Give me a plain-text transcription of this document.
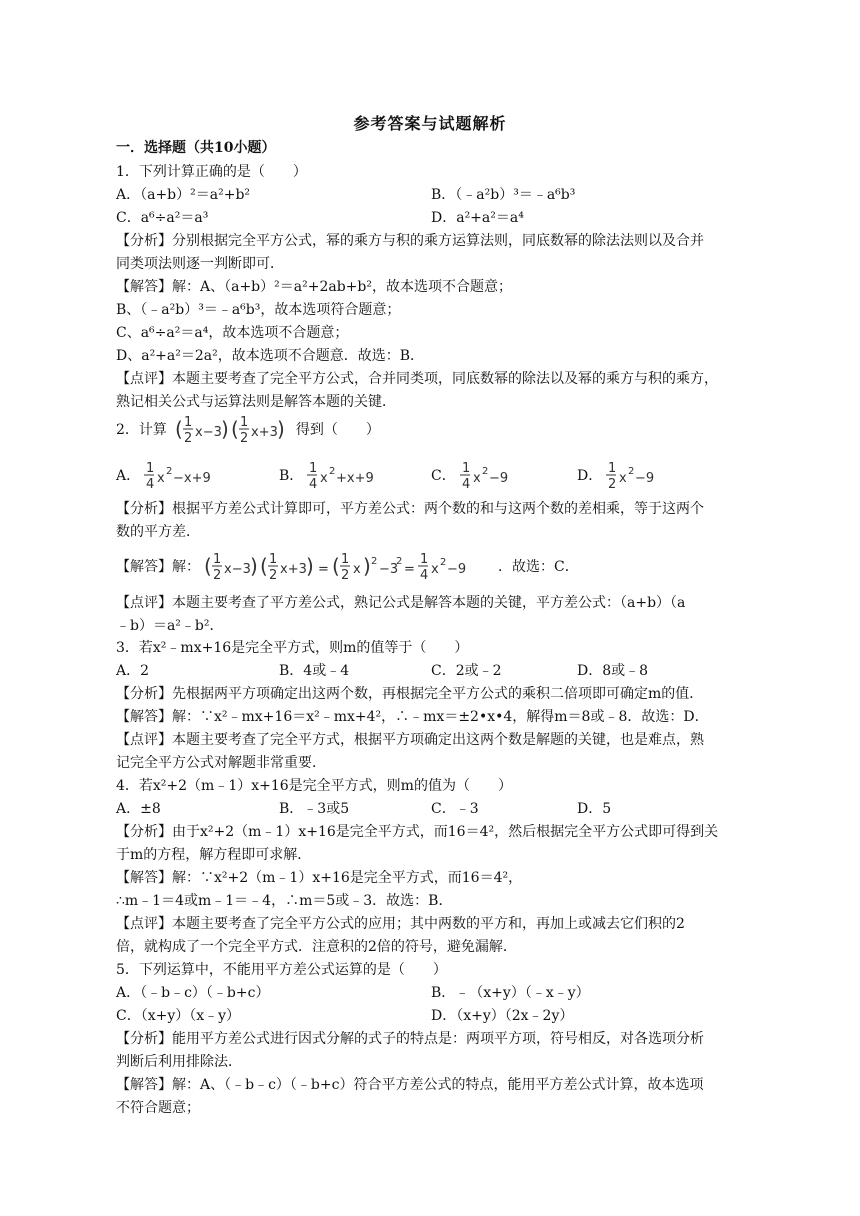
参考答案与试题解析
一．选择题（共10小题）
1．下列计算正确的是（　　）
A．（a+b）²＝a²+b²	B．（﹣a²b）³＝﹣a⁶b³
C．a⁶÷a²＝a³	D．a²+a²＝a⁴
【分析】分别根据完全平方公式，幂的乘方与积的乘方运算法则，同底数幂的除法法则以及合并
同类项法则逐一判断即可．
【解答】解：A、（a+b）²＝a²+2ab+b²，故本选项不合题意；
B、（﹣a²b）³＝﹣a⁶b³，故本选项符合题意；
C、a⁶÷a²＝a⁴，故本选项不合题意；
D、a²+a²＝2a²，故本选项不合题意．故选：B．
【点评】本题主要考查了完全平方公式，合并同类项，同底数幂的除法以及幂的乘方与积的乘方，
熟记相关公式与运算法则是解答本题的关键．
2．计算 ( 1
2 x−3 ) ( 1
2 x+3 ) 得到（　　）
A． 1
4 x 2 −x+9	B． 1
4 x 2 +x+9	C． 1
4 x 2 −9	D． 1
2 x 2 −9
【分析】根据平方差公式计算即可，平方差公式：两个数的和与这两个数的差相乘，等于这两个
数的平方差．
【解答】解： ( 1
2 x−3 ) ( 1
2 x+3 ) = ( 1
2 x ) 2
−3
2
=
1
4 x 2 −9 ．故选：C．
【点评】本题主要考查了平方差公式，熟记公式是解答本题的关键，平方差公式：（a+b）（a
﹣b）＝a²﹣b²．
3．若x²﹣mx+16是完全平方式，则m的值等于（　　）
A．2	B．4或﹣4	C．2或﹣2	D．8或﹣8
【分析】先根据两平方项确定出这两个数，再根据完全平方公式的乘积二倍项即可确定m的值．
【解答】解：∵x²﹣mx+16＝x²﹣mx+4²，∴﹣mx＝±2•x•4，解得m＝8或﹣8．故选：D．
【点评】本题主要考查了完全平方式，根据平方项确定出这两个数是解题的关键，也是难点，熟
记完全平方公式对解题非常重要．
4．若x²+2（m﹣1）x+16是完全平方式，则m的值为（　　）
A．±8	B．﹣3或5	C．﹣3	D．5
【分析】由于x²+2（m﹣1）x+16是完全平方式，而16＝4²，然后根据完全平方公式即可得到关
于m的方程，解方程即可求解．
【解答】解：∵x²+2（m﹣1）x+16是完全平方式，而16＝4²，
∴m﹣1＝4或m﹣1＝﹣4，∴m＝5或﹣3．故选：B．
【点评】本题主要考查了完全平方公式的应用；其中两数的平方和，再加上或减去它们积的2
倍，就构成了一个完全平方式．注意积的2倍的符号，避免漏解．
5．下列运算中，不能用平方差公式运算的是（　　）
A．（﹣b﹣c）（﹣b+c）	B．﹣（x+y）（﹣x﹣y）
C．（x+y）（x﹣y）	D．（x+y）（2x﹣2y）
【分析】能用平方差公式进行因式分解的式子的特点是：两项平方项，符号相反，对各选项分析
判断后利用排除法．
【解答】解：A、（﹣b﹣c）（﹣b+c）符合平方差公式的特点，能用平方差公式计算，故本选项
不符合题意；
